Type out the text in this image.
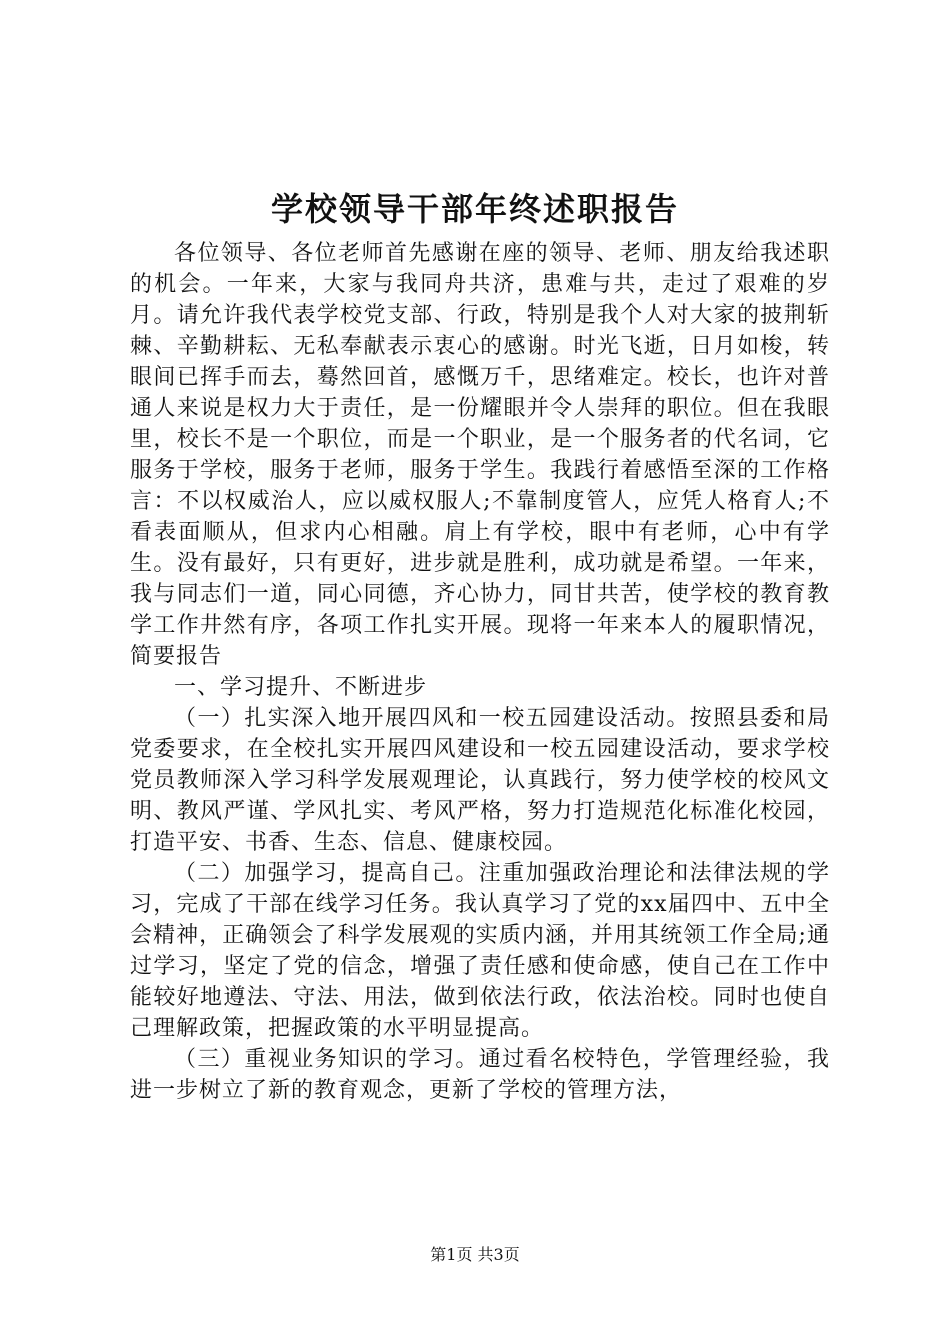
学校领导干部年终述职报告

各位领导、各位老师首先感谢在座的领导、老师、朋友给我述职的机会。一年来，大家与我同舟共济，患难与共，走过了艰难的岁月。请允许我代表学校党支部、行政，特别是我个人对大家的披荆斩棘、辛勤耕耘、无私奉献表示衷心的感谢。时光飞逝，日月如梭，转眼间已挥手而去，蓦然回首，感慨万千，思绪难定。校长，也许对普通人来说是权力大于责任，是一份耀眼并令人崇拜的职位。但在我眼里，校长不是一个职位，而是一个职业，是一个服务者的代名词，它服务于学校，服务于老师，服务于学生。我践行着感悟至深的工作格言：不以权威治人，应以威权服人;不靠制度管人，应凭人格育人;不看表面顺从，但求内心相融。肩上有学校，眼中有老师，心中有学生。没有最好，只有更好，进步就是胜利，成功就是希望。一年来，我与同志们一道，同心同德，齐心协力，同甘共苦，使学校的教育教学工作井然有序，各项工作扎实开展。现将一年来本人的履职情况，简要报告

一、学习提升、不断进步

（一）扎实深入地开展四风和一校五园建设活动。按照县委和局党委要求，在全校扎实开展四风建设和一校五园建设活动，要求学校党员教师深入学习科学发展观理论，认真践行，努力使学校的校风文明、教风严谨、学风扎实、考风严格，努力打造规范化标准化校园，打造平安、书香、生态、信息、健康校园。

（二）加强学习，提高自己。注重加强政治理论和法律法规的学习，完成了干部在线学习任务。我认真学习了党的xx届四中、五中全会精神，正确领会了科学发展观的实质内涵，并用其统领工作全局;通过学习，坚定了党的信念，增强了责任感和使命感，使自己在工作中能较好地遵法、守法、用法，做到依法行政，依法治校。同时也使自己理解政策，把握政策的水平明显提高。

（三）重视业务知识的学习。通过看名校特色，学管理经验，我进一步树立了新的教育观念，更新了学校的管理方法，

第1页 共3页
